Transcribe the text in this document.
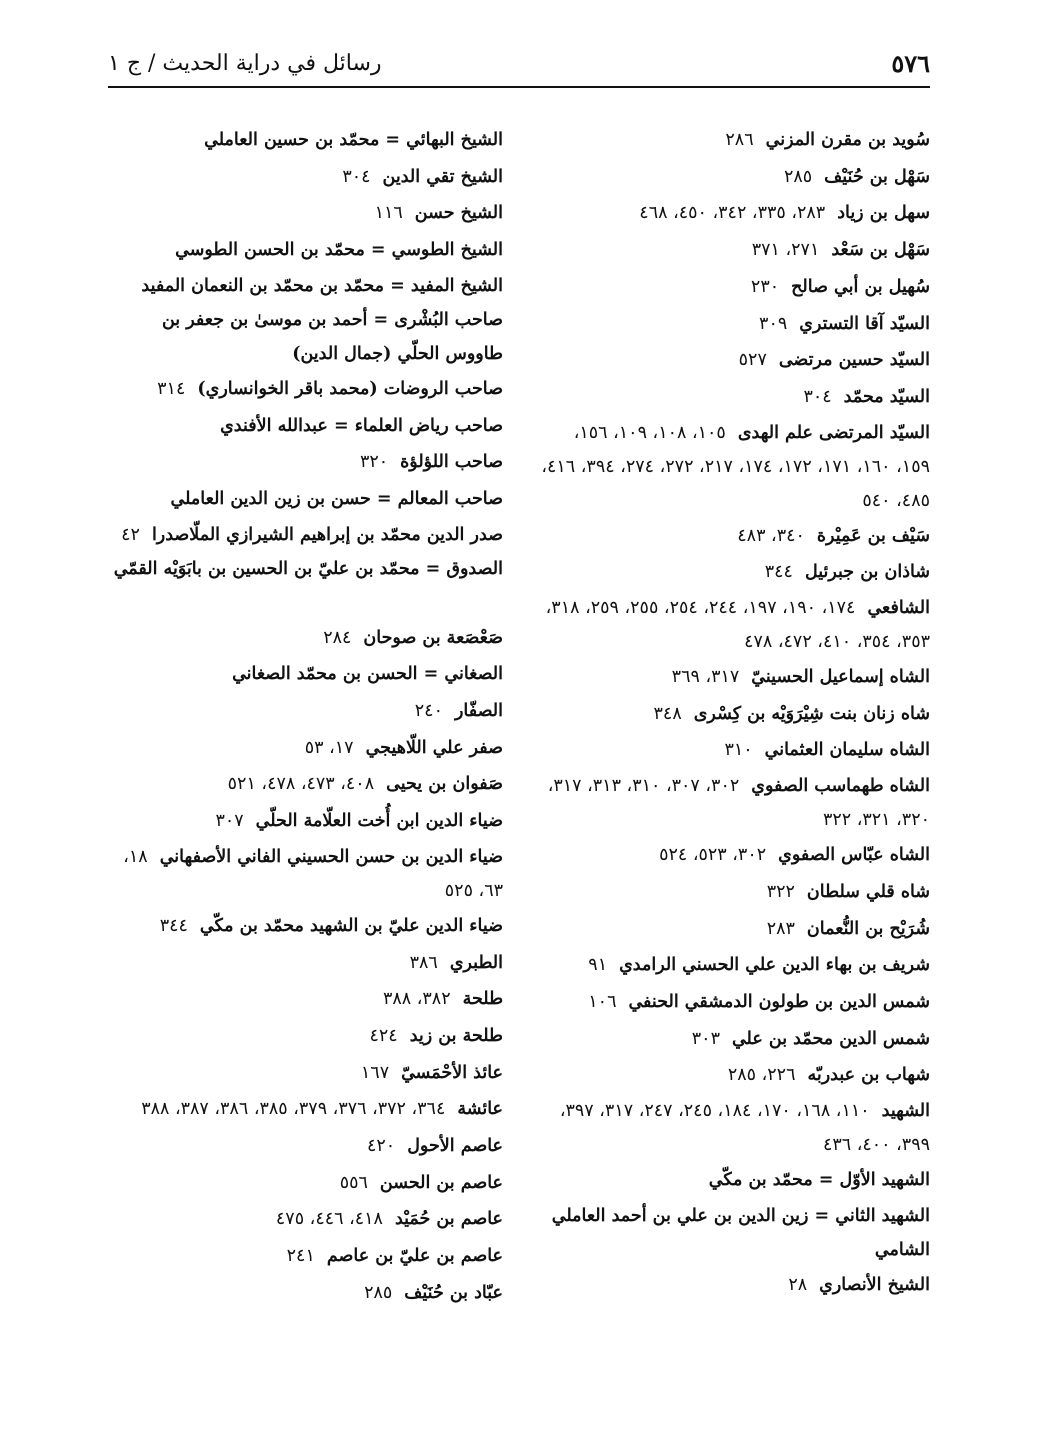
٥٧٦
رسائل في دراية الحديث / ج ١
سُويد بن مقرن المزني٢٨٦
سَهْل بن حُنَيْف٢٨٥
سهل بن زياد٢٨٣، ٣٣٥، ٣٤٢، ٤٥٠، ٤٦٨
سَهْل بن سَعْد٢٧١، ٣٧١
سُهيل بن أبي صالح٢٣٠
السيّد آقا التستري٣٠٩
السيّد حسين مرتضى٥٢٧
السيّد محمّد٣٠٤
السيّد المرتضى علم الهدى١٠٥، ١٠٨، ١٠٩، ١٥٦، ١٥٩، ١٦٠، ١٧١، ١٧٢، ١٧٤، ٢١٧، ٢٧٢، ٢٧٤، ٣٩٤، ٤١٦، ٤٨٥، ٥٤٠
سَيْف بن عَمِيْرة٣٤٠، ٤٨٣
شاذان بن جبرئيل٣٤٤
الشافعي١٧٤، ١٩٠، ١٩٧، ٢٤٤، ٢٥٤، ٢٥٥، ٢٥٩، ٣١٨، ٣٥٣، ٣٥٤، ٤١٠، ٤٧٢، ٤٧٨
الشاه إسماعيل الحسينيّ٣١٧، ٣٦٩
شاه زنان بنت شِيْرَوَيْه بن كِسْرى٣٤٨
الشاه سليمان العثماني٣١٠
الشاه طهماسب الصفوي٣٠٢، ٣٠٧، ٣١٠، ٣١٣، ٣١٧، ٣٢٠، ٣٢١، ٣٢٢
الشاه عبّاس الصفوي٣٠٢، ٥٢٣، ٥٢٤
شاه قلي سلطان٣٢٢
شُرَيْح بن النُّعمان٢٨٣
شريف بن بهاء الدين علي الحسني الرامدي٩١
شمس الدين بن طولون الدمشقي الحنفي١٠٦
شمس الدين محمّد بن علي٣٠٣
شهاب بن عبدربّه٢٢٦، ٢٨٥
الشهيد١١٠، ١٦٨، ١٧٠، ١٨٤، ٢٤٥، ٢٤٧، ٣١٧، ٣٩٧، ٣٩٩، ٤٠٠، ٤٣٦
الشهيد الأوّل = محمّد بن مكّي
الشهيد الثاني = زين الدين بن علي بن أحمد العاملي الشامي
الشيخ الأنصاري٢٨
الشيخ البهائي = محمّد بن حسين العاملي
الشيخ تقي الدين٣٠٤
الشيخ حسن١١٦
الشيخ الطوسي = محمّد بن الحسن الطوسي
الشيخ المفيد = محمّد بن محمّد بن النعمان المفيد
صاحب البُشْرى = أحمد بن موسىٰ بن جعفر بن طاووس الحلّي (جمال الدين)
صاحب الروضات (محمد باقر الخوانساري)٣١٤
صاحب رياض العلماء = عبدالله الأفندي
صاحب اللؤلؤة٣٢٠
صاحب المعالم = حسن بن زين الدين العاملي
صدر الدين محمّد بن إبراهيم الشيرازي الملّاصدرا٤٢
الصدوق = محمّد بن عليّ بن الحسين بن بابَوَيْه القمّي
صَعْصَعة بن صوحان٢٨٤
الصغاني = الحسن بن محمّد الصغاني
الصفّار٢٤٠
صفر علي اللّاهيجي١٧، ٥٣
صَفوان بن يحيى٤٠٨، ٤٧٣، ٤٧٨، ٥٢١
ضياء الدين ابن أُخت العلّامة الحلّي٣٠٧
ضياء الدين بن حسن الحسيني الفاني الأصفهاني١٨، ٦٣، ٥٢٥
ضياء الدين عليّ بن الشهيد محمّد بن مكّي٣٤٤
الطبري٣٨٦
طلحة٣٨٢، ٣٨٨
طلحة بن زيد٤٢٤
عائذ الأحْمَسيّ١٦٧
عائشة٣٦٤، ٣٧٢، ٣٧٦، ٣٧٩، ٣٨٥، ٣٨٦، ٣٨٧، ٣٨٨
عاصم الأحول٤٢٠
عاصم بن الحسن٥٥٦
عاصم بن حُمَيْد٤١٨، ٤٤٦، ٤٧٥
عاصم بن عليّ بن عاصم٢٤١
عبّاد بن حُنَيْف٢٨٥
